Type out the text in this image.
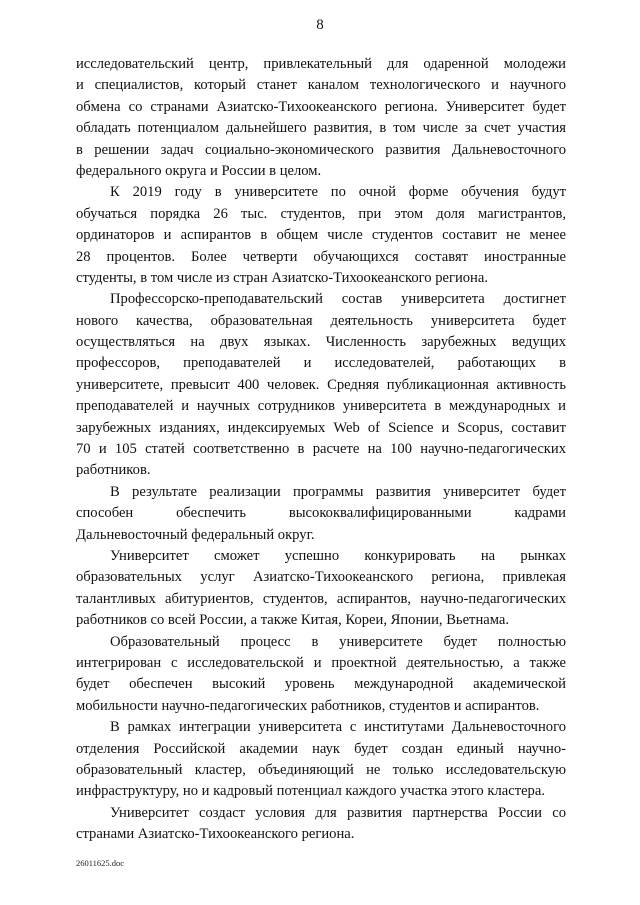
8
исследовательский центр, привлекательный для одаренной молодежи
и специалистов, который станет каналом технологического и научного
обмена со странами Азиатско-Тихоокеанского региона. Университет будет
обладать потенциалом дальнейшего развития, в том числе за счет участия
в решении задач социально-экономического развития Дальневосточного
федерального округа и России в целом.
К 2019 году в университете по очной форме обучения будут
обучаться порядка 26 тыс. студентов, при этом доля магистрантов,
ординаторов и аспирантов в общем числе студентов составит не менее
28 процентов. Более четверти обучающихся составят иностранные
студенты, в том числе из стран Азиатско-Тихоокеанского региона.
Профессорско-преподавательский состав университета достигнет
нового качества, образовательная деятельность университета будет
осуществляться на двух языках. Численность зарубежных ведущих
профессоров, преподавателей и исследователей, работающих в
университете, превысит 400 человек. Средняя публикационная активность
преподавателей и научных сотрудников университета в международных и
зарубежных изданиях, индексируемых Web of Science и Scopus, составит
70 и 105 статей соответственно в расчете на 100 научно-педагогических
работников.
В результате реализации программы развития университет будет
способен обеспечить высококвалифицированными кадрами
Дальневосточный федеральный округ.
Университет сможет успешно конкурировать на рынках
образовательных услуг Азиатско-Тихоокеанского региона, привлекая
талантливых абитуриентов, студентов, аспирантов, научно-педагогических
работников со всей России, а также Китая, Кореи, Японии, Вьетнама.
Образовательный процесс в университете будет полностью
интегрирован с исследовательской и проектной деятельностью, а также
будет обеспечен высокий уровень международной академической
мобильности научно-педагогических работников, студентов и аспирантов.
В рамках интеграции университета с институтами Дальневосточного
отделения Российской академии наук будет создан единый научно-
образовательный кластер, объединяющий не только исследовательскую
инфраструктуру, но и кадровый потенциал каждого участка этого кластера.
Университет создаст условия для развития партнерства России со
странами Азиатско-Тихоокеанского региона.
26011625.doc
